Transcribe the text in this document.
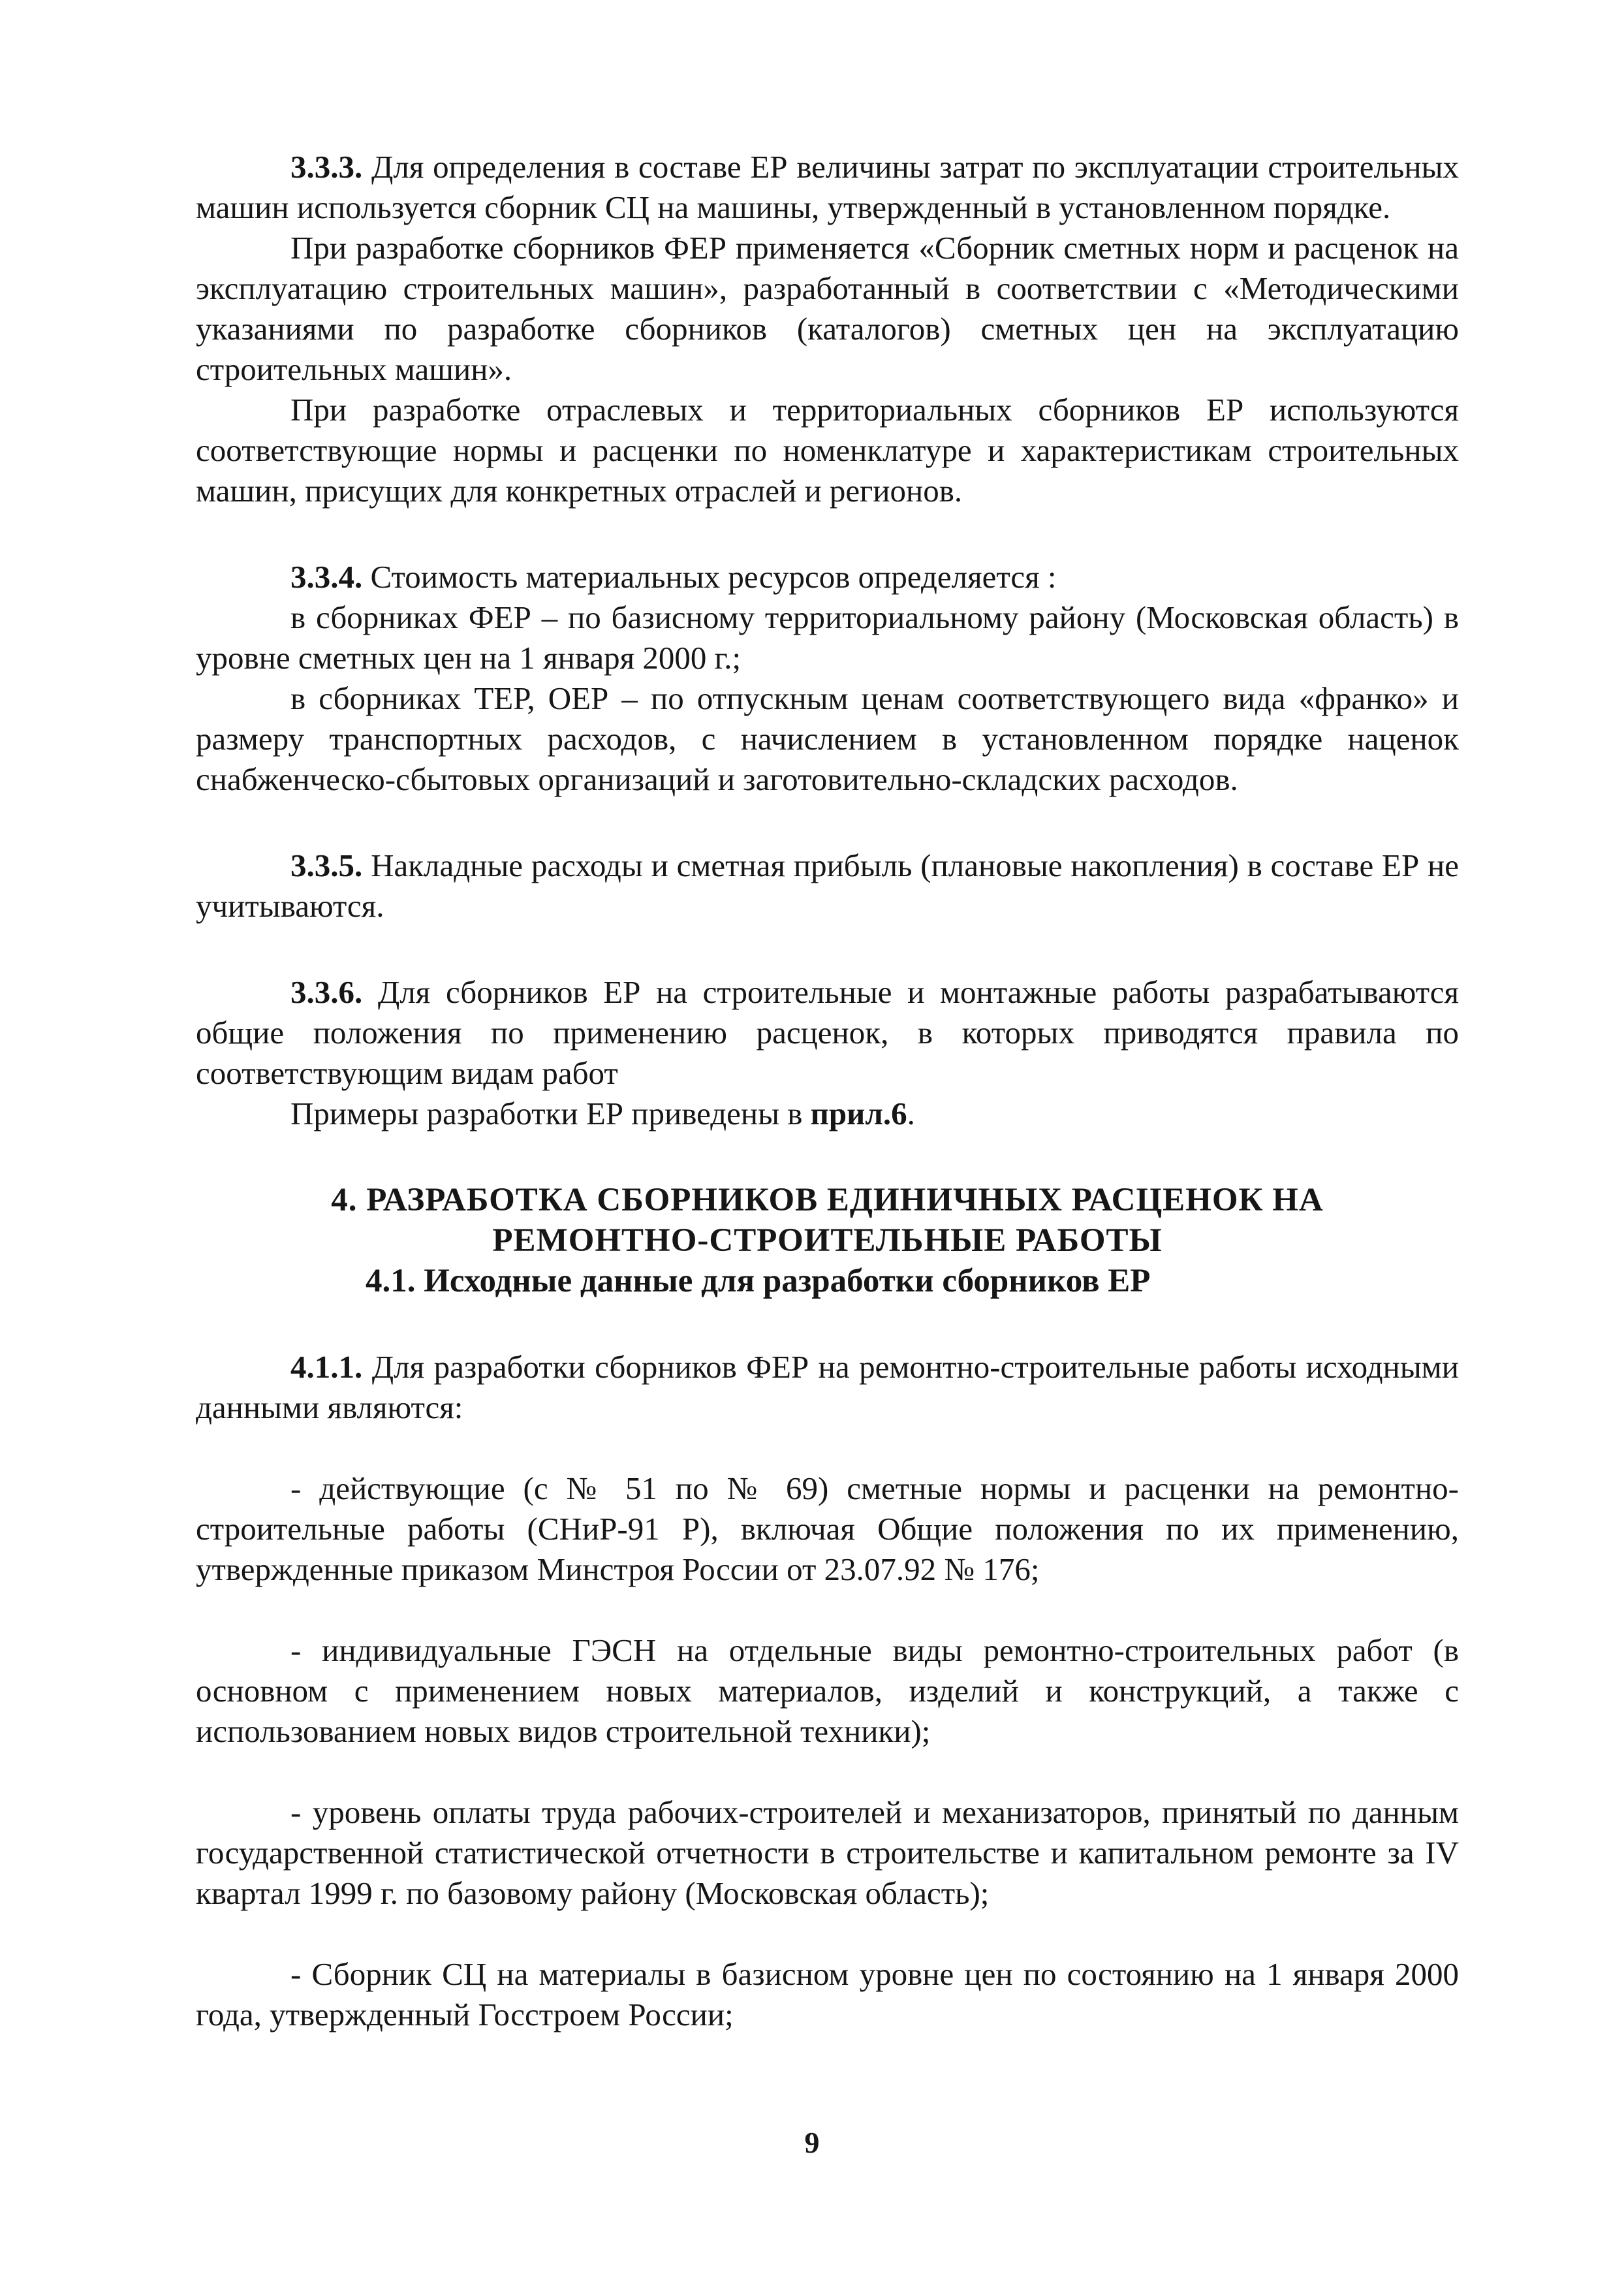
3.3.3. Для определения в составе ЕР величины затрат по эксплуатации строительных машин используется сборник СЦ на машины, утвержденный в установленном порядке.

При разработке сборников ФЕР применяется «Сборник сметных норм и расценок на эксплуатацию строительных машин», разработанный в соответствии с «Методическими указаниями по разработке сборников (каталогов) сметных цен на эксплуатацию строительных машин».

При разработке отраслевых и территориальных сборников ЕР используются соответствующие нормы и расценки по номенклатуре и характеристикам строительных машин, присущих для конкретных отраслей и регионов.

3.3.4. Стоимость материальных ресурсов определяется :

в сборниках ФЕР – по базисному территориальному району (Московская область) в уровне сметных цен на 1 января 2000 г.;

в сборниках ТЕР, ОЕР – по отпускным ценам соответствующего вида «франко» и размеру транспортных расходов, с начислением в установленном порядке наценок снабженческо-сбытовых организаций и заготовительно-складских расходов.

3.3.5. Накладные расходы и сметная прибыль (плановые накопления) в составе ЕР не учитываются.

3.3.6. Для сборников ЕР на строительные и монтажные работы разрабатываются общие положения по применению расценок, в которых приводятся правила по соответствующим видам работ

Примеры разработки ЕР приведены в прил.6.

4. РАЗРАБОТКА СБОРНИКОВ ЕДИНИЧНЫХ РАСЦЕНОК НА

РЕМОНТНО-СТРОИТЕЛЬНЫЕ РАБОТЫ

4.1. Исходные данные для разработки сборников ЕР

4.1.1. Для разработки сборников ФЕР на ремонтно-строительные работы исходными данными являются:

- действующие (с № 51 по № 69) сметные нормы и расценки на ремонтно-строительные работы (СНиР-91 Р), включая Общие положения по их применению, утвержденные приказом Минстроя России от 23.07.92 № 176;

- индивидуальные ГЭСН на отдельные виды ремонтно-строительных работ (в основном с применением новых материалов, изделий и конструкций, а также с использованием новых видов строительной техники);

- уровень оплаты труда рабочих-строителей и механизаторов, принятый по данным государственной статистической отчетности в строительстве и капитальном ремонте за IV квартал 1999 г. по базовому району (Московская область);

- Сборник СЦ на материалы в базисном уровне цен по состоянию на 1 января 2000 года, утвержденный Госстроем России;

9
